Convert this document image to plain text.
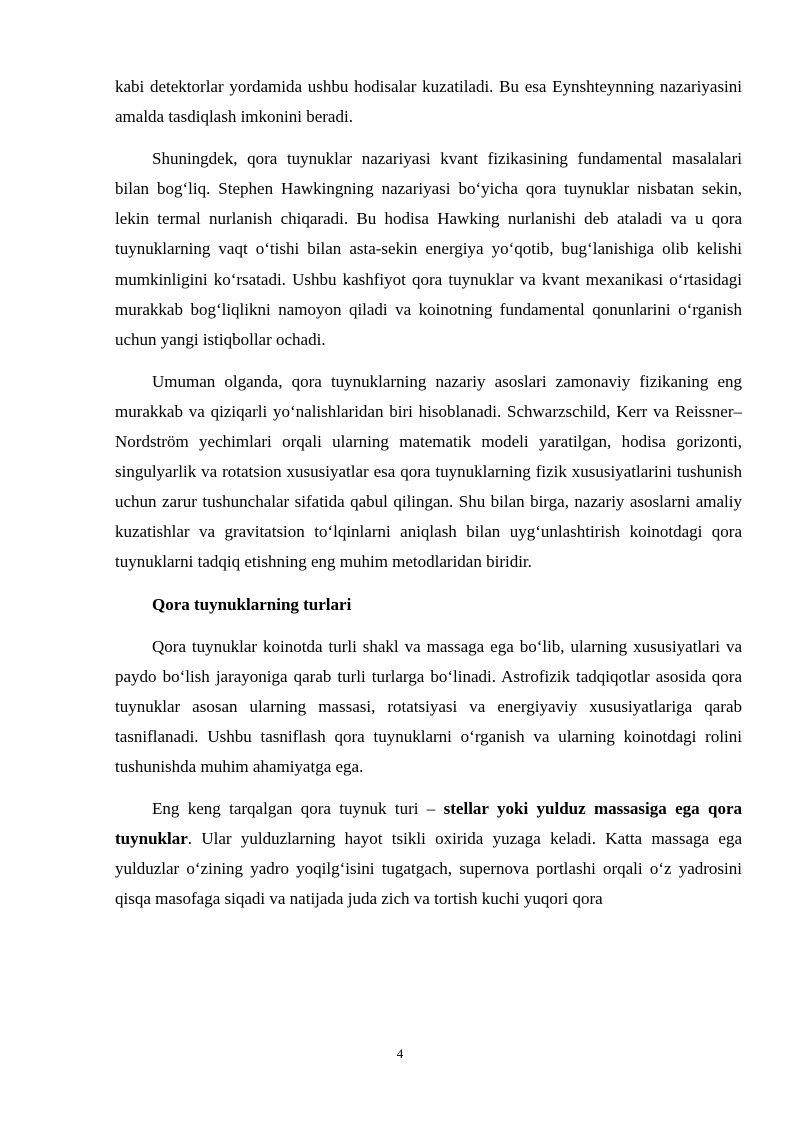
kabi detektorlar yordamida ushbu hodisalar kuzatiladi. Bu esa Eynshteynning nazariyasini amalda tasdiqlash imkonini beradi.

Shuningdek, qora tuynuklar nazariyasi kvant fizikasining fundamental masalalari bilan bog‘liq. Stephen Hawkingning nazariyasi bo‘yicha qora tuynuklar nisbatan sekin, lekin termal nurlanish chiqaradi. Bu hodisa Hawking nurlanishi deb ataladi va u qora tuynuklarning vaqt o‘tishi bilan asta-sekin energiya yo‘qotib, bug‘lanishiga olib kelishi mumkinligini ko‘rsatadi. Ushbu kashfiyot qora tuynuklar va kvant mexanikasi o‘rtasidagi murakkab bog‘liqlikni namoyon qiladi va koinotning fundamental qonunlarini o‘rganish uchun yangi istiqbollar ochadi.

Umuman olganda, qora tuynuklarning nazariy asoslari zamonaviy fizikaning eng murakkab va qiziqarli yo‘nalishlaridan biri hisoblanadi. Schwarzschild, Kerr va Reissner–Nordström yechimlari orqali ularning matematik modeli yaratilgan, hodisa gorizonti, singulyarlik va rotatsion xususiyatlar esa qora tuynuklarning fizik xususiyatlarini tushunish uchun zarur tushunchalar sifatida qabul qilingan. Shu bilan birga, nazariy asoslarni amaliy kuzatishlar va gravitatsion to‘lqinlarni aniqlash bilan uyg‘unlashtirish koinotdagi qora tuynuklarni tadqiq etishning eng muhim metodlaridan biridir.

Qora tuynuklarning turlari

Qora tuynuklar koinotda turli shakl va massaga ega bo‘lib, ularning xususiyatlari va paydo bo‘lish jarayoniga qarab turli turlarga bo‘linadi. Astrofizik tadqiqotlar asosida qora tuynuklar asosan ularning massasi, rotatsiyasi va energiyaviy xususiyatlariga qarab tasniflanadi. Ushbu tasniflash qora tuynuklarni o‘rganish va ularning koinotdagi rolini tushunishda muhim ahamiyatga ega.

Eng keng tarqalgan qora tuynuk turi – stellar yoki yulduz massasiga ega qora tuynuklar. Ular yulduzlarning hayot tsikli oxirida yuzaga keladi. Katta massaga ega yulduzlar o‘zining yadro yoqilg‘isini tugatgach, supernova portlashi orqali o‘z yadrosini qisqa masofaga siqadi va natijada juda zich va tortish kuchi yuqori qora

4
